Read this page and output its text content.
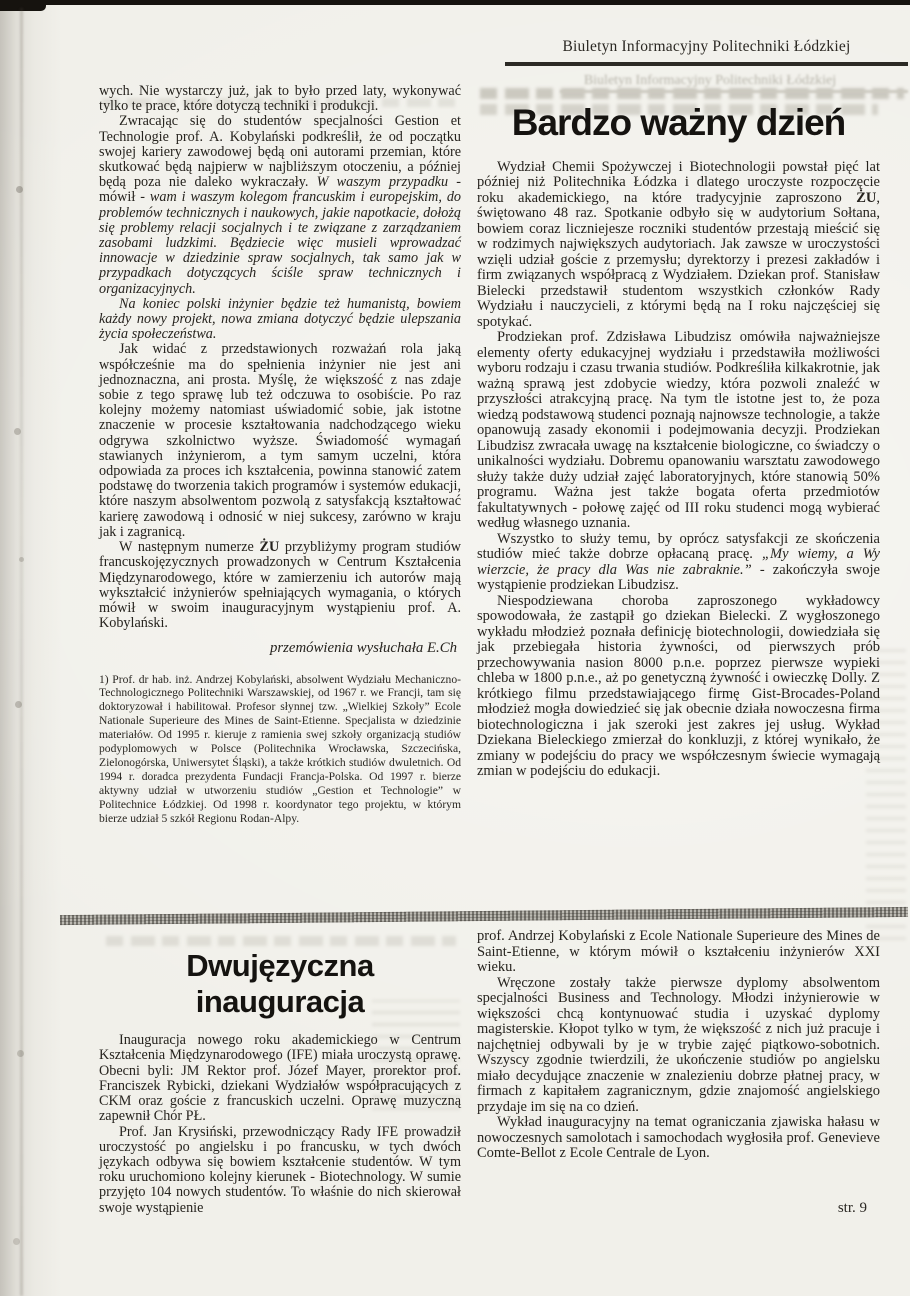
Biuletyn Informacyjny Politechniki Łódzkiej
Biuletyn Informacyjny Politechniki Łódzkiej

wych. Nie wystarczy już, jak to było przed laty, wykonywać tylko te prace, które dotyczą techniki i produkcji.

Zwracając się do studentów specjalności Gestion et Technologie prof. A. Kobylański podkreślił, że od początku swojej kariery zawodowej będą oni autorami przemian, które skutkować będą najpierw w najbliższym otoczeniu, a później będą poza nie daleko wykraczały. W waszym przypadku - mówił - wam i waszym kolegom francuskim i europejskim, do problemów technicznych i naukowych, jakie napotkacie, dołożą się problemy relacji socjalnych i te związane z zarządzaniem zasobami ludzkimi. Będziecie więc musieli wprowadzać innowacje w dziedzinie spraw socjalnych, tak samo jak w przypadkach dotyczących ściśle spraw technicznych i organizacyjnych.

Na koniec polski inżynier będzie też humanistą, bowiem każdy nowy projekt, nowa zmiana dotyczyć będzie ulepszania życia społeczeństwa.

Jak widać z przedstawionych rozważań rola jaką współcześnie ma do spełnienia inżynier nie jest ani jednoznaczna, ani prosta. Myślę, że większość z nas zdaje sobie z tego sprawę lub też odczuwa to osobiście. Po raz kolejny możemy natomiast uświadomić sobie, jak istotne znaczenie w procesie kształtowania nadchodzącego wieku odgrywa szkolnictwo wyższe. Świadomość wymagań stawianych inżynierom, a tym samym uczelni, która odpowiada za proces ich kształcenia, powinna stanowić zatem podstawę do tworzenia takich programów i systemów edukacji, które naszym absolwentom pozwolą z satysfakcją kształtować karierę zawodową i odnosić w niej sukcesy, zarówno w kraju jak i zagranicą.

W następnym numerze ŻU przybliżymy program studiów francuskojęzycznych prowadzonych w Centrum Kształcenia Międzynarodowego, które w zamierzeniu ich autorów mają wykształcić inżynierów spełniających wymagania, o których mówił w swoim inauguracyjnym wystąpieniu prof. A. Kobylański.

przemówienia wysłuchała E.Ch
1) Prof. dr hab. inż. Andrzej Kobylański, absolwent Wydziału Mechaniczno-Technologicznego Politechniki Warszawskiej, od 1967 r. we Francji, tam się doktoryzował i habilitował. Profesor słynnej tzw. „Wielkiej Szkoły” Ecole Nationale Superieure des Mines de Saint-Etienne. Specjalista w dziedzinie materiałów. Od 1995 r. kieruje z ramienia swej szkoły organizacją studiów podyplomowych w Polsce (Politechnika Wrocławska, Szczecińska, Zielonogórska, Uniwersytet Śląski), a także krótkich studiów dwuletnich. Od 1994 r. doradca prezydenta Fundacji Francja-Polska. Od 1997 r. bierze aktywny udział w utworzeniu studiów „Gestion et Technologie” w Politechnice Łódzkiej. Od 1998 r. koordynator tego projektu, w którym bierze udział 5 szkół Regionu Rodan-Alpy.
Dwujęzyczna inauguracja

Inauguracja nowego roku akademickiego w Centrum Kształcenia Międzynarodowego (IFE) miała uroczystą oprawę. Obecni byli: JM Rektor prof. Józef Mayer, prorektor prof. Franciszek Rybicki, dziekani Wydziałów współpracujących z CKM oraz goście z francuskich uczelni. Oprawę muzyczną zapewnił Chór PŁ.

Prof. Jan Krysiński, przewodniczący Rady IFE prowadził uroczystość po angielsku i po francusku, w tych dwóch językach odbywa się bowiem kształcenie studentów. W tym roku uruchomiono kolejny kierunek - Biotechnology. W sumie przyjęto 104 nowych studentów. To właśnie do nich skierował swoje wystąpienie

Bardzo ważny dzień

Wydział Chemii Spożywczej i Biotechnologii powstał pięć lat później niż Politechnika Łódzka i dlatego uroczyste rozpoczęcie roku akademickiego, na które tradycyjnie zaproszono ŻU, świętowano 48 raz. Spotkanie odbyło się w audytorium Sołtana, bowiem coraz liczniejesze roczniki studentów przestają mieścić się w rodzimych największych audytoriach. Jak zawsze w uroczystości wzięli udział goście z przemysłu; dyrektorzy i prezesi zakładów i firm związanych współpracą z Wydziałem. Dziekan prof. Stanisław Bielecki przedstawił studentom wszystkich członków Rady Wydziału i nauczycieli, z którymi będą na I roku najczęściej się spotykać.

Prodziekan prof. Zdzisława Libudzisz omówiła najważniejsze elementy oferty edukacyjnej wydziału i przedstawiła możliwości wyboru rodzaju i czasu trwania studiów. Podkreśliła kilkakrotnie, jak ważną sprawą jest zdobycie wiedzy, która pozwoli znaleźć w przyszłości atrakcyjną pracę. Na tym tle istotne jest to, że poza wiedzą podstawową studenci poznają najnowsze technologie, a także opanowują zasady ekonomii i podejmowania decyzji. Prodziekan Libudzisz zwracała uwagę na kształcenie biologiczne, co świadczy o unikalności wydziału. Dobremu opanowaniu warsztatu zawodowego służy także duży udział zajęć laboratoryjnych, które stanowią 50% programu. Ważna jest także bogata oferta przedmiotów fakultatywnych - połowę zajęć od III roku studenci mogą wybierać według własnego uznania.

Wszystko to służy temu, by oprócz satysfakcji ze skończenia studiów mieć także dobrze opłacaną pracę. „My wiemy, a Wy wierzcie, że pracy dla Was nie zabraknie.” - zakończyła swoje wystąpienie prodziekan Libudzisz.

Niespodziewana choroba zaproszonego wykładowcy spowodowała, że zastąpił go dziekan Bielecki. Z wygłoszonego wykładu młodzież poznała definicję biotechnologii, dowiedziała się jak przebiegała historia żywności, od pierwszych prób przechowywania nasion 8000 p.n.e. poprzez pierwsze wypieki chleba w 1800 p.n.e., aż po genetyczną żywność i owieczkę Dolly. Z krótkiego filmu przedstawiającego firmę Gist-Brocades-Poland młodzież mogła dowiedzieć się jak obecnie działa nowoczesna firma biotechnologiczna i jak szeroki jest zakres jej usług. Wykład Dziekana Bieleckiego zmierzał do konkluzji, z której wynikało, że zmiany w podejściu do pracy we współczesnym świecie wymagają zmian w podejściu do edukacji.

prof. Andrzej Kobylański z Ecole Nationale Superieure des Mines de Saint-Etienne, w którym mówił o kształceniu inżynierów XXI wieku.

Wręczone zostały także pierwsze dyplomy absolwentom specjalności Business and Technology. Młodzi inżynierowie w większości chcą kontynuować studia i uzyskać dyplomy magisterskie. Kłopot tylko w tym, że większość z nich już pracuje i najchętniej odbywali by je w trybie zajęć piątkowo-sobotnich. Wszyscy zgodnie twierdzili, że ukończenie studiów po angielsku miało decydujące znaczenie w znalezieniu dobrze płatnej pracy, w firmach z kapitałem zagranicznym, gdzie znajomość angielskiego przydaje im się na co dzień.

Wykład inauguracyjny na temat ograniczania zjawiska hałasu w nowoczesnych samolotach i samochodach wygłosiła prof. Genevieve Comte-Bellot z Ecole Centrale de Lyon.

str. 9
